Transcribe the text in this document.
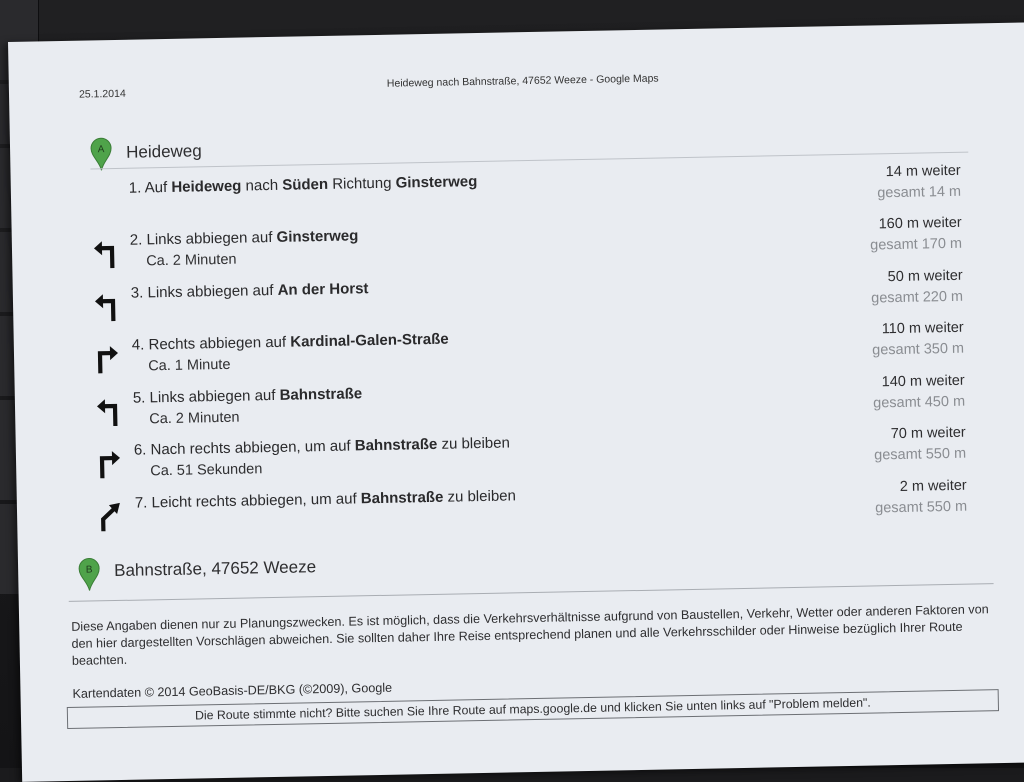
25.1.2014
Heideweg nach Bahnstraße, 47652 Weeze - Google Maps
A Heideweg
1. Auf Heideweg nach Süden Richtung Ginsterweg
14 m weiter
gesamt 14 m
2. Links abbiegen auf Ginsterweg
Ca. 2 Minuten
160 m weiter
gesamt 170 m
3. Links abbiegen auf An der Horst
50 m weiter
gesamt 220 m
4. Rechts abbiegen auf Kardinal-Galen-Straße
Ca. 1 Minute
110 m weiter
gesamt 350 m
5. Links abbiegen auf Bahnstraße
Ca. 2 Minuten
140 m weiter
gesamt 450 m
6. Nach rechts abbiegen, um auf Bahnstraße zu bleiben
Ca. 51 Sekunden
70 m weiter
gesamt 550 m
7. Leicht rechts abbiegen, um auf Bahnstraße zu bleiben
2 m weiter
gesamt 550 m
B Bahnstraße, 47652 Weeze
Diese Angaben dienen nur zu Planungszwecken. Es ist möglich, dass die Verkehrsverhältnisse aufgrund von Baustellen, Verkehr, Wetter oder anderen Faktoren von den hier dargestellten Vorschlägen abweichen. Sie sollten daher Ihre Reise entsprechend planen und alle Verkehrsschilder oder Hinweise bezüglich Ihrer Route beachten.
Kartendaten © 2014 GeoBasis-DE/BKG (©2009), Google
Die Route stimmte nicht? Bitte suchen Sie Ihre Route auf maps.google.de und klicken Sie unten links auf "Problem melden".
